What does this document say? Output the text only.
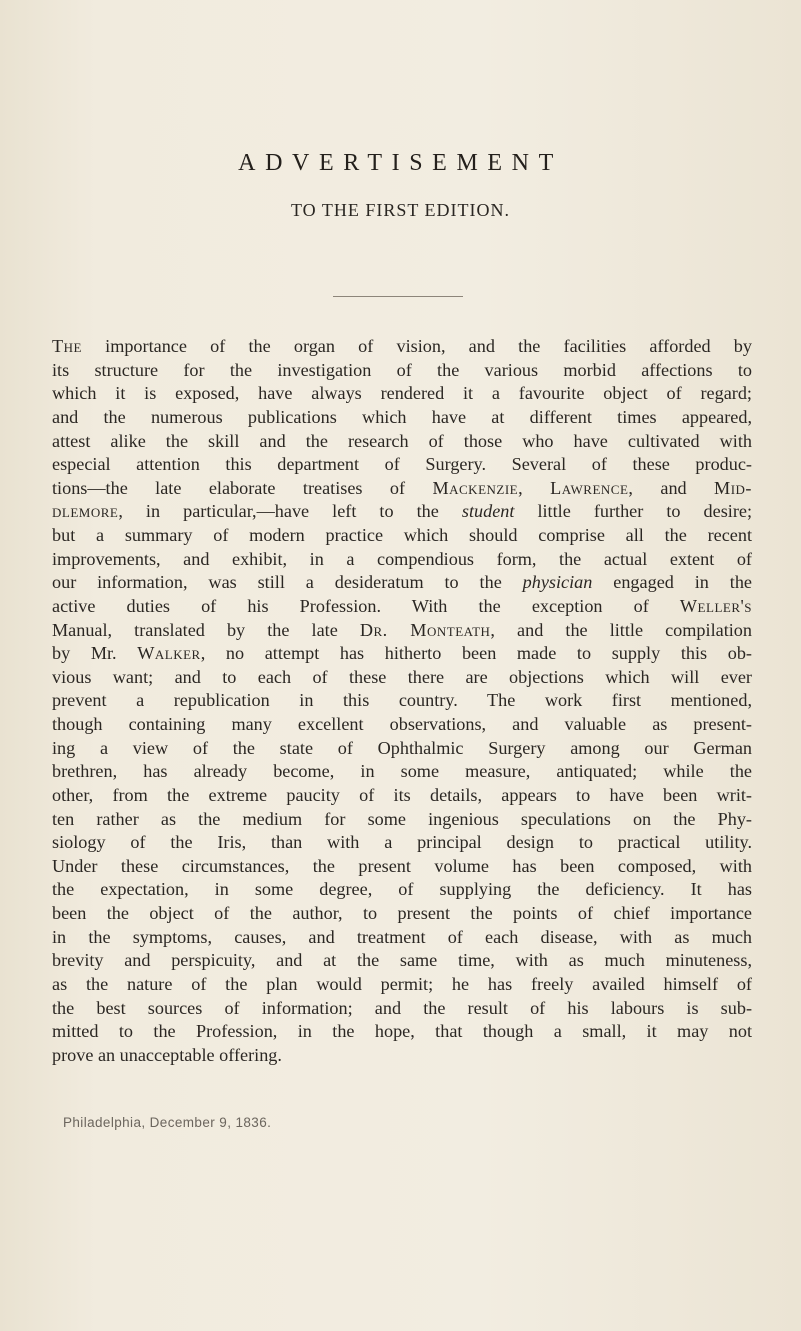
ADVERTISEMENT
TO THE FIRST EDITION.
The importance of the organ of vision, and the facilities afforded by
its structure for the investigation of the various morbid affections to
which it is exposed, have always rendered it a favourite object of regard;
and the numerous publications which have at different times appeared,
attest alike the skill and the research of those who have cultivated with
especial attention this department of Surgery. Several of these produc-
tions—the late elaborate treatises of Mackenzie, Lawrence, and Mid-
dlemore, in particular,—have left to the student little further to desire;
but a summary of modern practice which should comprise all the recent
improvements, and exhibit, in a compendious form, the actual extent of
our information, was still a desideratum to the physician engaged in the
active duties of his Profession. With the exception of Weller's
Manual, translated by the late Dr. Monteath, and the little compilation
by Mr. Walker, no attempt has hitherto been made to supply this ob-
vious want; and to each of these there are objections which will ever
prevent a republication in this country. The work first mentioned,
though containing many excellent observations, and valuable as present-
ing a view of the state of Ophthalmic Surgery among our German
brethren, has already become, in some measure, antiquated; while the
other, from the extreme paucity of its details, appears to have been writ-
ten rather as the medium for some ingenious speculations on the Phy-
siology of the Iris, than with a principal design to practical utility.
Under these circumstances, the present volume has been composed, with
the expectation, in some degree, of supplying the deficiency. It has
been the object of the author, to present the points of chief importance
in the symptoms, causes, and treatment of each disease, with as much
brevity and perspicuity, and at the same time, with as much minuteness,
as the nature of the plan would permit; he has freely availed himself of
the best sources of information; and the result of his labours is sub-
mitted to the Profession, in the hope, that though a small, it may not
prove an unacceptable offering.
Philadelphia, December 9, 1836.
